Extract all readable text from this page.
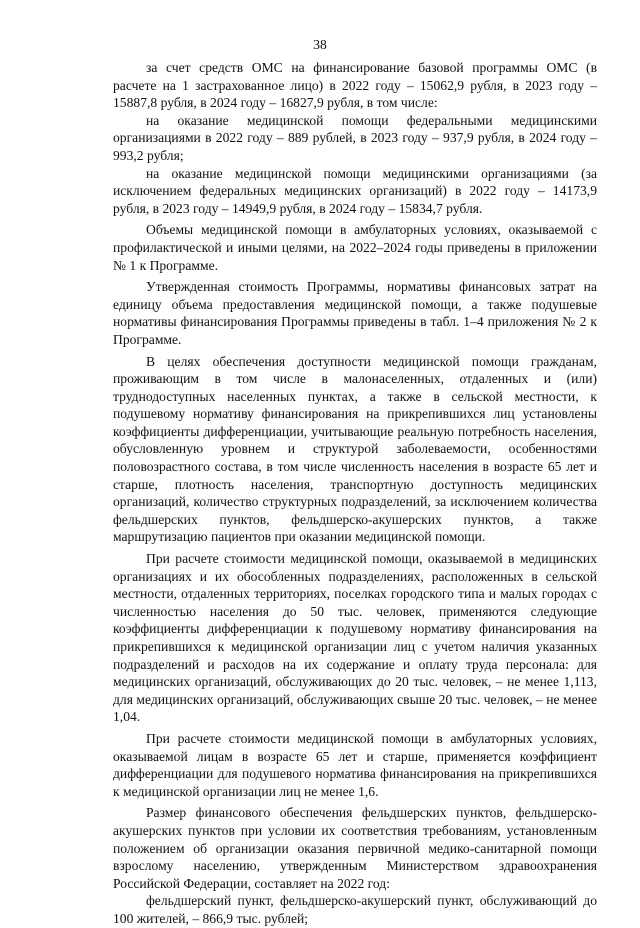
38

за счет средств ОМС на финансирование базовой программы ОМС (в расчете на 1 застрахованное лицо) в 2022 году – 15062,9 рубля, в 2023 году – 15887,8 рубля, в 2024 году – 16827,9 рубля, в том числе:

на оказание медицинской помощи федеральными медицинскими организациями в 2022 году – 889 рублей, в 2023 году – 937,9 рубля, в 2024 году – 993,2 рубля;

на оказание медицинской помощи медицинскими организациями (за исключением федеральных медицинских организаций) в 2022 году – 14173,9 рубля, в 2023 году – 14949,9 рубля, в 2024 году – 15834,7 рубля.

Объемы медицинской помощи в амбулаторных условиях, оказываемой с профилактической и иными целями, на 2022–2024 годы приведены в приложении № 1 к Программе.

Утвержденная стоимость Программы, нормативы финансовых затрат на единицу объема предоставления медицинской помощи, а также подушевые нормативы финансирования Программы приведены в табл. 1–4 приложения № 2 к Программе.

В целях обеспечения доступности медицинской помощи гражданам, проживающим в том числе в малонаселенных, отдаленных и (или) труднодоступных населенных пунктах, а также в сельской местности, к подушевому нормативу финансирования на прикрепившихся лиц установлены коэффициенты дифференциации, учитывающие реальную потребность населения, обусловленную уровнем и структурой заболеваемости, особенностями половозрастного состава, в том числе численность населения в возрасте 65 лет и старше, плотность населения, транспортную доступность медицинских организаций, количество структурных подразделений, за исключением количества фельдшерских пунктов, фельдшерско-акушерских пунктов, а также маршрутизацию пациентов при оказании медицинской помощи.

При расчете стоимости медицинской помощи, оказываемой в медицинских организациях и их обособленных подразделениях, расположенных в сельской местности, отдаленных территориях, поселках городского типа и малых городах с численностью населения до 50 тыс. человек, применяются следующие коэффициенты дифференциации к подушевому нормативу финансирования на прикрепившихся к медицинской организации лиц с учетом наличия указанных подразделений и расходов на их содержание и оплату труда персонала: для медицинских организаций, обслуживающих до 20 тыс. человек, – не менее 1,113, для медицинских организаций, обслуживающих свыше 20 тыс. человек, – не менее 1,04.

При расчете стоимости медицинской помощи в амбулаторных условиях, оказываемой лицам в возрасте 65 лет и старше, применяется коэффициент дифференциации для подушевого норматива финансирования на прикрепившихся к медицинской организации лиц не менее 1,6.

Размер финансового обеспечения фельдшерских пунктов, фельдшерско-акушерских пунктов при условии их соответствия требованиям, установленным положением об организации оказания первичной медико-санитарной помощи взрослому населению, утвержденным Министерством здравоохранения Российской Федерации, составляет на 2022 год:

фельдшерский пункт, фельдшерско-акушерский пункт, обслуживающий до 100 жителей, – 866,9 тыс. рублей;
